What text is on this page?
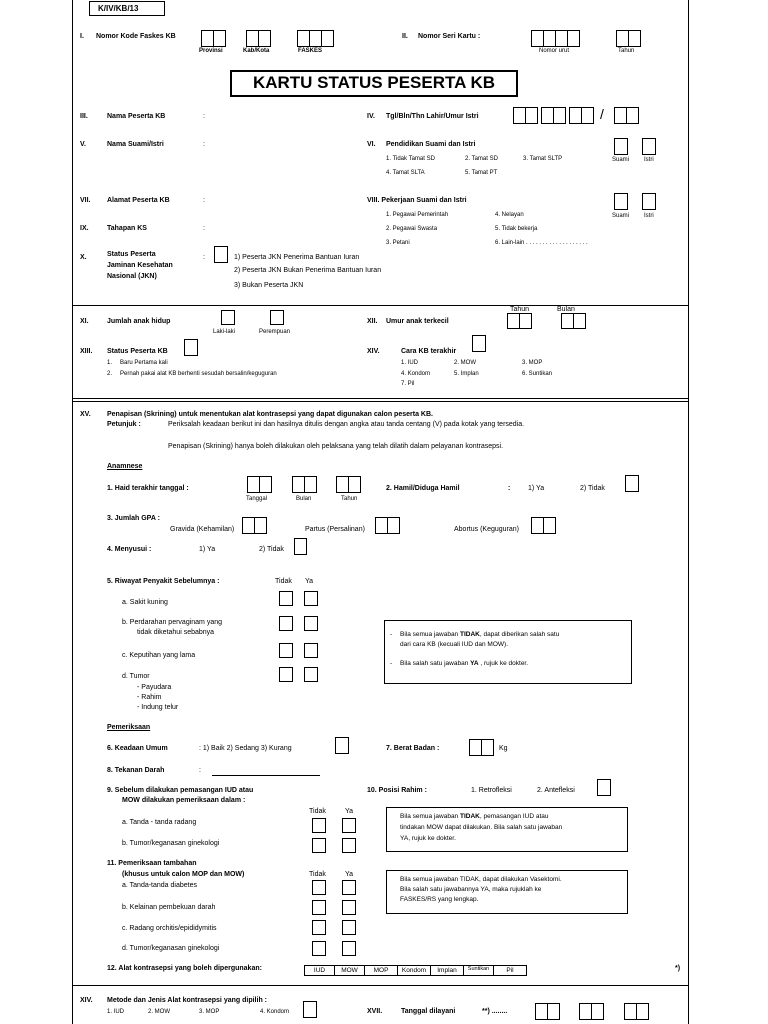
K/IV/KB/13
I. Nomor Kode Faskes KB
Provinsi	Kab/Kota	FASKES
II. Nomor Seri Kartu :
Nomor urut	Tahun
KARTU STATUS PESERTA KB
III.	Nama Peserta KB	:	IV. Tgl/Bln/Thn Lahir/Umur Istri	/
V.	Nama Suami/Istri	:	VI. Pendidikan Suami dan Istri
1. Tidak Tamat SD	2. Tamat SD	3. Tamat SLTP
4. Tamat SLTA	5. Tamat PT
Suami Istri
VII. Alamat Peserta KB	:	VIII. Pekerjaan Suami dan Istri
1. Pegawai Pemerintah	4. Nelayan
2. Pegawai Swasta	5. Tidak bekerja
3. Petani	6. Lain-lain . . . . . . . . . . . . . . . . . . .
Suami Istri
IX.	Tahapan KS	:
X.	Status Peserta
Jaminan Kesehatan
Nasional (JKN)
:	1) Peserta JKN Penerima Bantuan Iuran
2) Peserta JKN Bukan Penerima Bantuan Iuran
3) Bukan Peserta JKN
XI.	Jumlah anak hidup
Laki-laki	Perempuan
XII. Umur anak terkecil
Tahun	Bulan
XIII. Status Peserta KB
1. Baru Pertama kali
2. Pernah pakai alat KB berhenti sesudah bersalin/keguguran
XIV.	Cara KB terakhir
1. IUD	2. MOW	3. MOP
4. Kondom	5. Implan	6. Suntikan
7. Pil
XV. Penapisan (Skrining) untuk menentukan alat kontrasepsi yang dapat digunakan calon peserta KB.
Petunjuk :	Periksalah keadaan berikut ini dan hasilnya ditulis dengan angka atau tanda centang (V) pada kotak yang tersedia.
Penapisan (Skrining) hanya boleh dilakukan oleh pelaksana yang telah dilatih dalam pelayanan kontrasepsi.
Anamnese
1. Haid terakhir tanggal :
Tanggal	Bulan	Tahun
2. Hamil/Diduga Hamil	:	1) Ya	2) Tidak
3. Jumlah GPA :
Gravida (Kehamilan)	Partus (Persalinan)	Abortus (Keguguran)
4. Menyusui :	1) Ya	2) Tidak
5. Riwayat Penyakit Sebelumnya :	Tidak Ya
a. Sakit kuning
b. Perdarahan pervaginam yang
tidak diketahui sebabnya
c. Keputihan yang lama
d. Tumor
- Payudara
- Rahim
- Indung telur
- Bila semua jawaban TIDAK, dapat diberikan salah satu
dari cara KB (kecuali IUD dan MOW).
- Bila salah satu jawaban YA , rujuk ke dokter.
Pemeriksaan
6. Keadaan Umum	: 1) Baik 2) Sedang 3) Kurang	7. Berat Badan :	Kg
8. Tekanan Darah	:
9. Sebelum dilakukan pemasangan IUD atau
MOW dilakukan pemeriksaan dalam :
Tidak	Ya
a. Tanda - tanda radang
b. Tumor/keganasan ginekologi
10. Posisi Rahim :	1. Retrofleksi	2. Antefleksi
Bila semua jawaban TIDAK, pemasangan IUD atau
tindakan MOW dapat dilakukan. Bila salah satu jawaban
YA, rujuk ke dokter.
11. Pemeriksaan tambahan
(khusus untuk calon MOP dan MOW)	Tidak	Ya
a. Tanda-tanda diabetes
b. Kelainan pembekuan darah
c. Radang orchitis/epididymitis
d. Tumor/keganasan ginekologi
Bila semua jawaban TIDAK, dapat dilakukan Vasektomi.
Bila salah satu jawabannya YA, maka rujuklah ke
FASKES/RS yang lengkap.
12. Alat kontrasepsi yang boleh dipergunakan:	IUD	MOW	MOP	Kondom	Implan	Suntikan	Pil	*)
XIV. Metode dan Jenis Alat kontrasepsi yang dipilih :
1. IUD	2. MOW	3. MOP	4. Kondom	XVII.	Tanggal dilayani	**) ........
